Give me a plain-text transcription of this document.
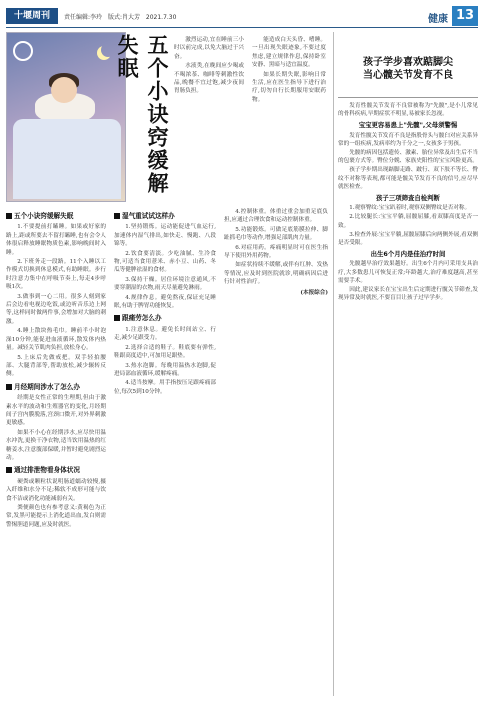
十堰周刊	责任编辑:李玲 版式:肖大芳 2021.7.30	健康 13
五个小诀窍缓解失眠	激烈运动,宜在睡前三小时以前完成,以免大脑过于兴奋。

水液类,在晚间应少喝或不喝浓茶、咖啡等刺激性饮品,晚餐不宜过饱,减少夜间胃肠负担。

能造成白天头昏、嗜睡。一旦出现失眠迹象,不要过度焦虑,建立规律作息,保持卧室安静、黑暗与适宜温度。

如果长期失眠,影响日常生活,应在医生指导下进行治疗,切勿自行长期服用安眠药物。

五个小诀窍缓解失眠

1.不要提前打瞌睡。如果或好家的路上,距或所要去不留打瞌睡,也有会令人体很启释放睡眠物质色素,影响晚间时入睡。

2.下班务走一段路。11个入睡以工作模式切换到休息模式,有助睡眠。步行时注意力集中在呼吸节奏上,每走4步呼吸1次。

3.做事到一心二用。很多人刻到家后会边看电视边吃饭,或边听音乐边上网等,这样同时做两件事,会增加对大脑的刺激。

4.睡上散块热毛巾。睡前半小时泡澡10分钟,能促进血液循环,散发体内热量。减轻关节肌肉负担,放松身心。

5.上床后先做戒把。双手轻拍腰部、大腿背部等,帮助放松,减少辗转反侧。

月经期间涉水了怎么办

经期是女性正常的生理期,但由于激素水平的波动和生殖器官的变化,月经期间子宫内膜脱落,宫颈口微开,对外界刺激更敏感。

如果不小心在经期涉水,应尽快用温水冲洗,更换干净衣物,适当饮用温热的红糖姜水,注意腹部保暖,并暂时避免剧烈运动。

通过排泄物看身体状况

硬粪或颗粒状说明肠道蠕动较慢,摄入纤维和水分不足;稀软不成形可能与饮食不洁或消化功能减弱有关。

粪便颜色也有参考意义:黄褐色为正常,发黑可能提示上消化道出血,发白则需警惕胆道问题,应及时就医。

湿气重试试这样办

1.坚持锻炼。运动能促进气血运行,加速体内湿气排出,如快走、慢跑、八段锦等。

2.饮食要清淡。少吃油腻、生冷食物,可适当食用薏米、赤小豆、山药、冬瓜等健脾祛湿的食材。

3.保持干燥。居住环境注意通风,不要穿潮湿的衣物,雨天尽量避免淋雨。

4.规律作息。避免熬夜,保证充足睡眠,有助于脾胃功能恢复。

跟痛劳怎么办

1.注意休息。避免长时间站立、行走,减少足跟受力。

2.选择合适的鞋子。鞋底要有弹性,鞋跟高度适中,可加用足跟垫。

3.热水泡脚。每晚用温热水泡脚,促进局部血液循环,缓解疼痛。

4.适当按摩。用手指按压足跟疼痛部位,每次5到10分钟。

4.控制体重。体重过重会加重足底负担,应通过合理饮食和运动控制体重。

5.功能锻炼。可做足底筋膜拉伸、脚趾抓毛巾等动作,增强足部肌肉力量。

6.对症用药。疼痛明显时可在医生指导下使用外用药物。

如症状持续不缓解,或伴有红肿、发热等情况,应及时到医院就诊,明确病因后进行针对性治疗。

(本报综合)
孩子学步喜欢踮脚尖
当心髋关节发育不良

发育性髋关节发育不良常被称为"先髋",是小儿常见的骨科疾病,早期症状不明显,易被家长忽视。

宝宝更容易患上"先髋",父母须警惕

发育性髋关节发育不良是指股骨头与髋臼对应关系异常的一组疾病,发病率约为千分之一,女孩多于男孩。

先髋的病因包括遗传、激素、胎位异常及出生后不当的包裹方式等。臀位分娩、家族史阳性的宝宝风险更高。

孩子学步期出现踮脚走路、跛行、双下肢不等长、臀纹不对称等表现,都可能是髋关节发育不良的信号,应尽早就医检查。

孩子三项筛查自检判断

1.观察臀纹:宝宝趴着时,观察双侧臀纹是否对称。

2.比较腿长:宝宝平躺,屈髋屈膝,看双膝高度是否一致。

3.检查外展:宝宝平躺,屈髋屈膝后向两侧外展,看双侧是否受限。

出生6个月内是佳治疗时间

先髋越早治疗效果越好。出生6个月内可采用支具治疗,大多数患儿可恢复正常;年龄越大,治疗难度越高,甚至需要手术。

因此,建议家长在宝宝出生后定期进行髋关节筛查,发现异常及时就医,不要盲目让孩子过早学步。
